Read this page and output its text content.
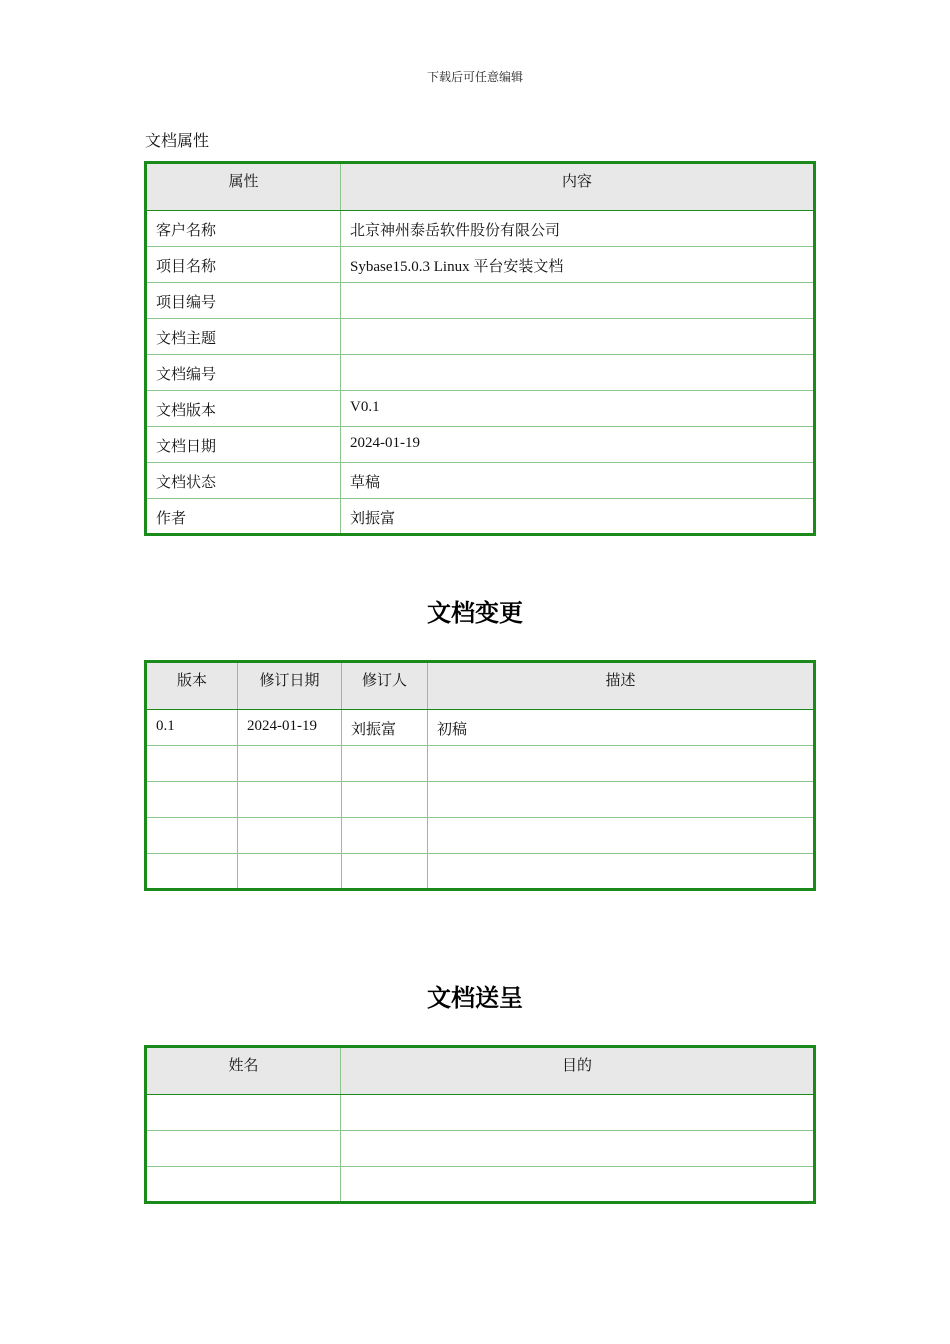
下载后可任意编辑
文档属性
属性	内容
客户名称	北京神州泰岳软件股份有限公司
项目名称	Sybase15.0.3 Linux 平台安装文档
项目编号	
文档主题	
文档编号	
文档版本	V0.1
文档日期	2024-01-19
文档状态	草稿
作者	刘振富
文档变更
版本	修订日期	修订人	描述
0.1	2024-01-19	刘振富	初稿

文档送呈
姓名	目的
